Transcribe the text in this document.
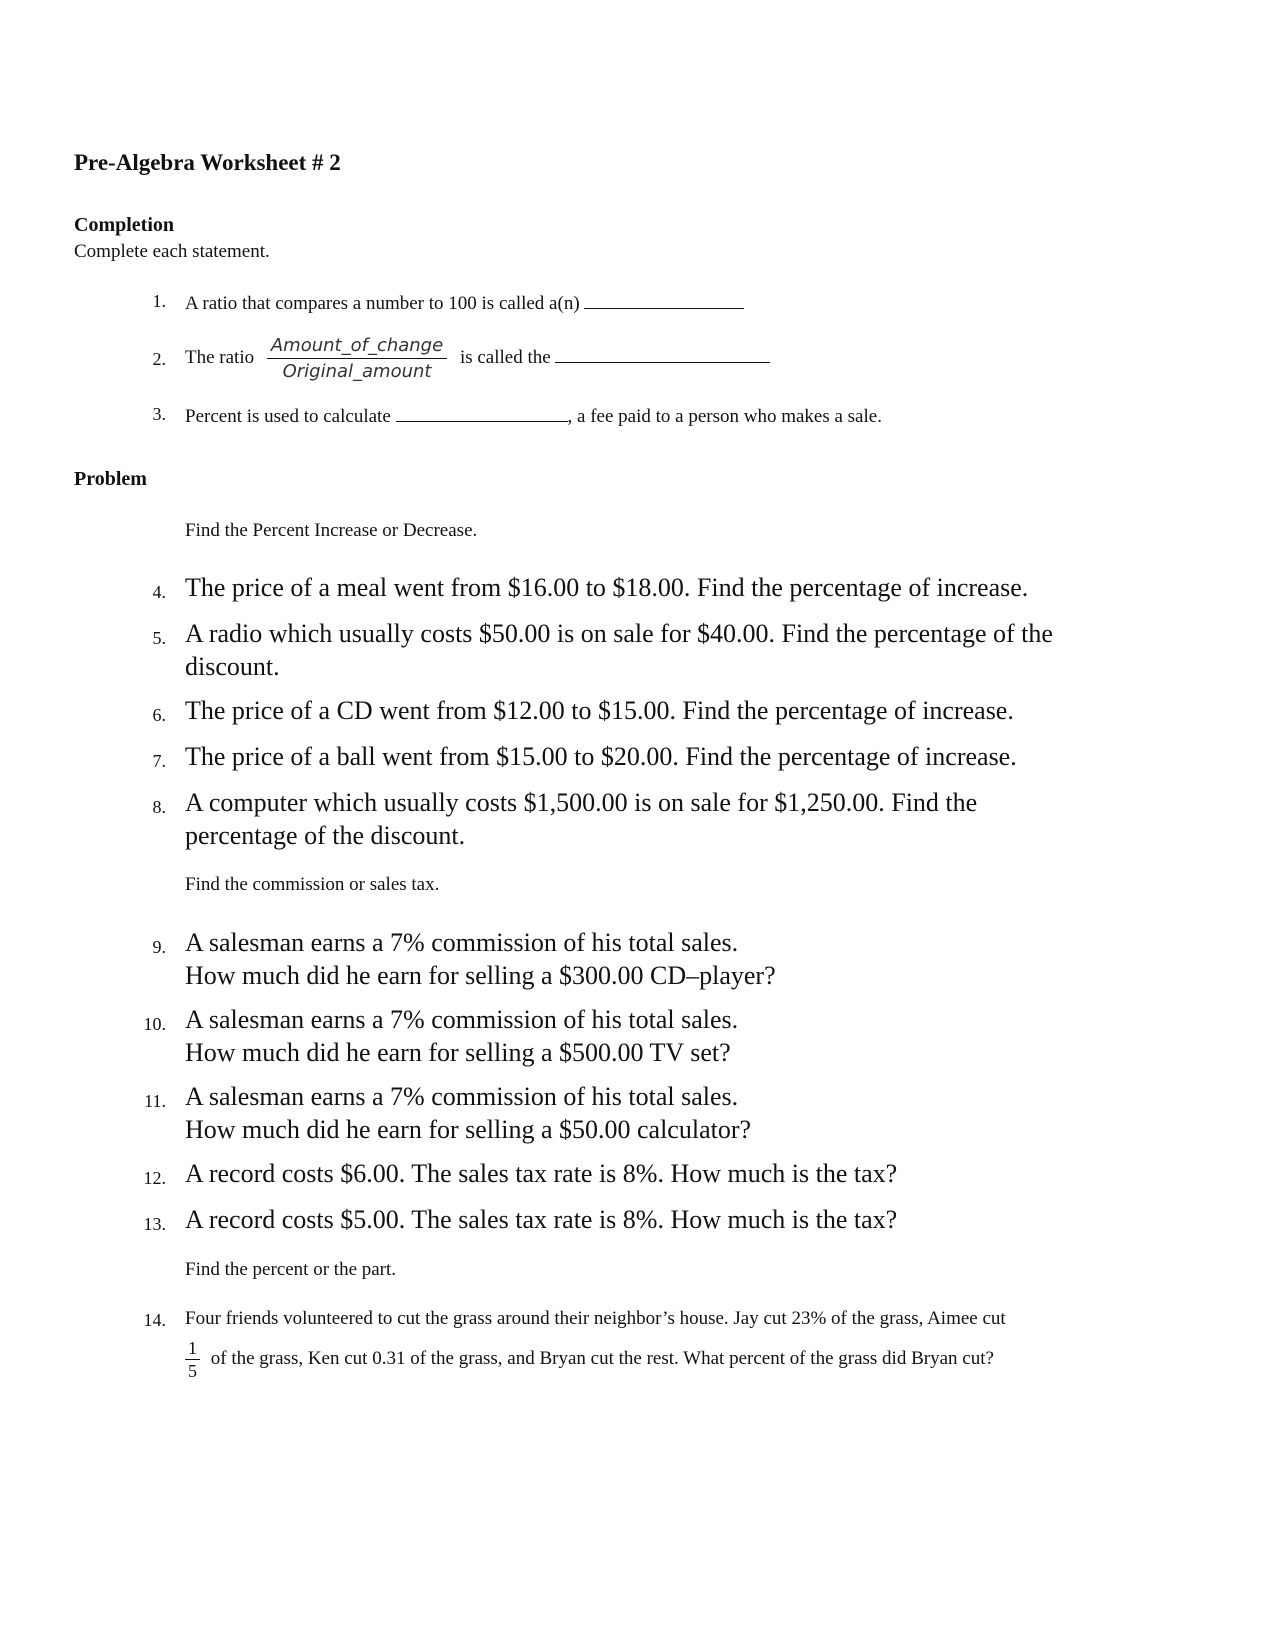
Pre-Algebra Worksheet # 2
Completion
Complete each statement.
1. A ratio that compares a number to 100 is called a(n)
2. The ratio $\frac{\text{Amount\_of\_change}}{\text{Original\_amount}}$ is called the
3. Percent is used to calculate	, a fee paid to a person who makes a sale.
Problem
Find the Percent Increase or Decrease.
4. The price of a meal went from $16.00 to $18.00. Find the percentage of increase.
5. A radio which usually costs $50.00 is on sale for $40.00. Find the percentage of the
discount.
6. The price of a CD went from $12.00 to $15.00. Find the percentage of increase.
7. The price of a ball went from $15.00 to $20.00. Find the percentage of increase.
8. A computer which usually costs $1,500.00 is on sale for $1,250.00. Find the
percentage of the discount.
Find the commission or sales tax.
9. A salesman earns a 7% commission of his total sales.
How much did he earn for selling a $300.00 CD–player?
10. A salesman earns a 7% commission of his total sales.
How much did he earn for selling a $500.00 TV set?
11. A salesman earns a 7% commission of his total sales.
How much did he earn for selling a $50.00 calculator?
12. A record costs $6.00. The sales tax rate is 8%. How much is the tax?
13. A record costs $5.00. The sales tax rate is 8%. How much is the tax?
Find the percent or the part.
14. Four friends volunteered to cut the grass around their neighbor’s house. Jay cut 23% of the grass, Aimee cut
$\frac{1}{5}$ of the grass, Ken cut 0.31 of the grass, and Bryan cut the rest. What percent of the grass did Bryan cut?
